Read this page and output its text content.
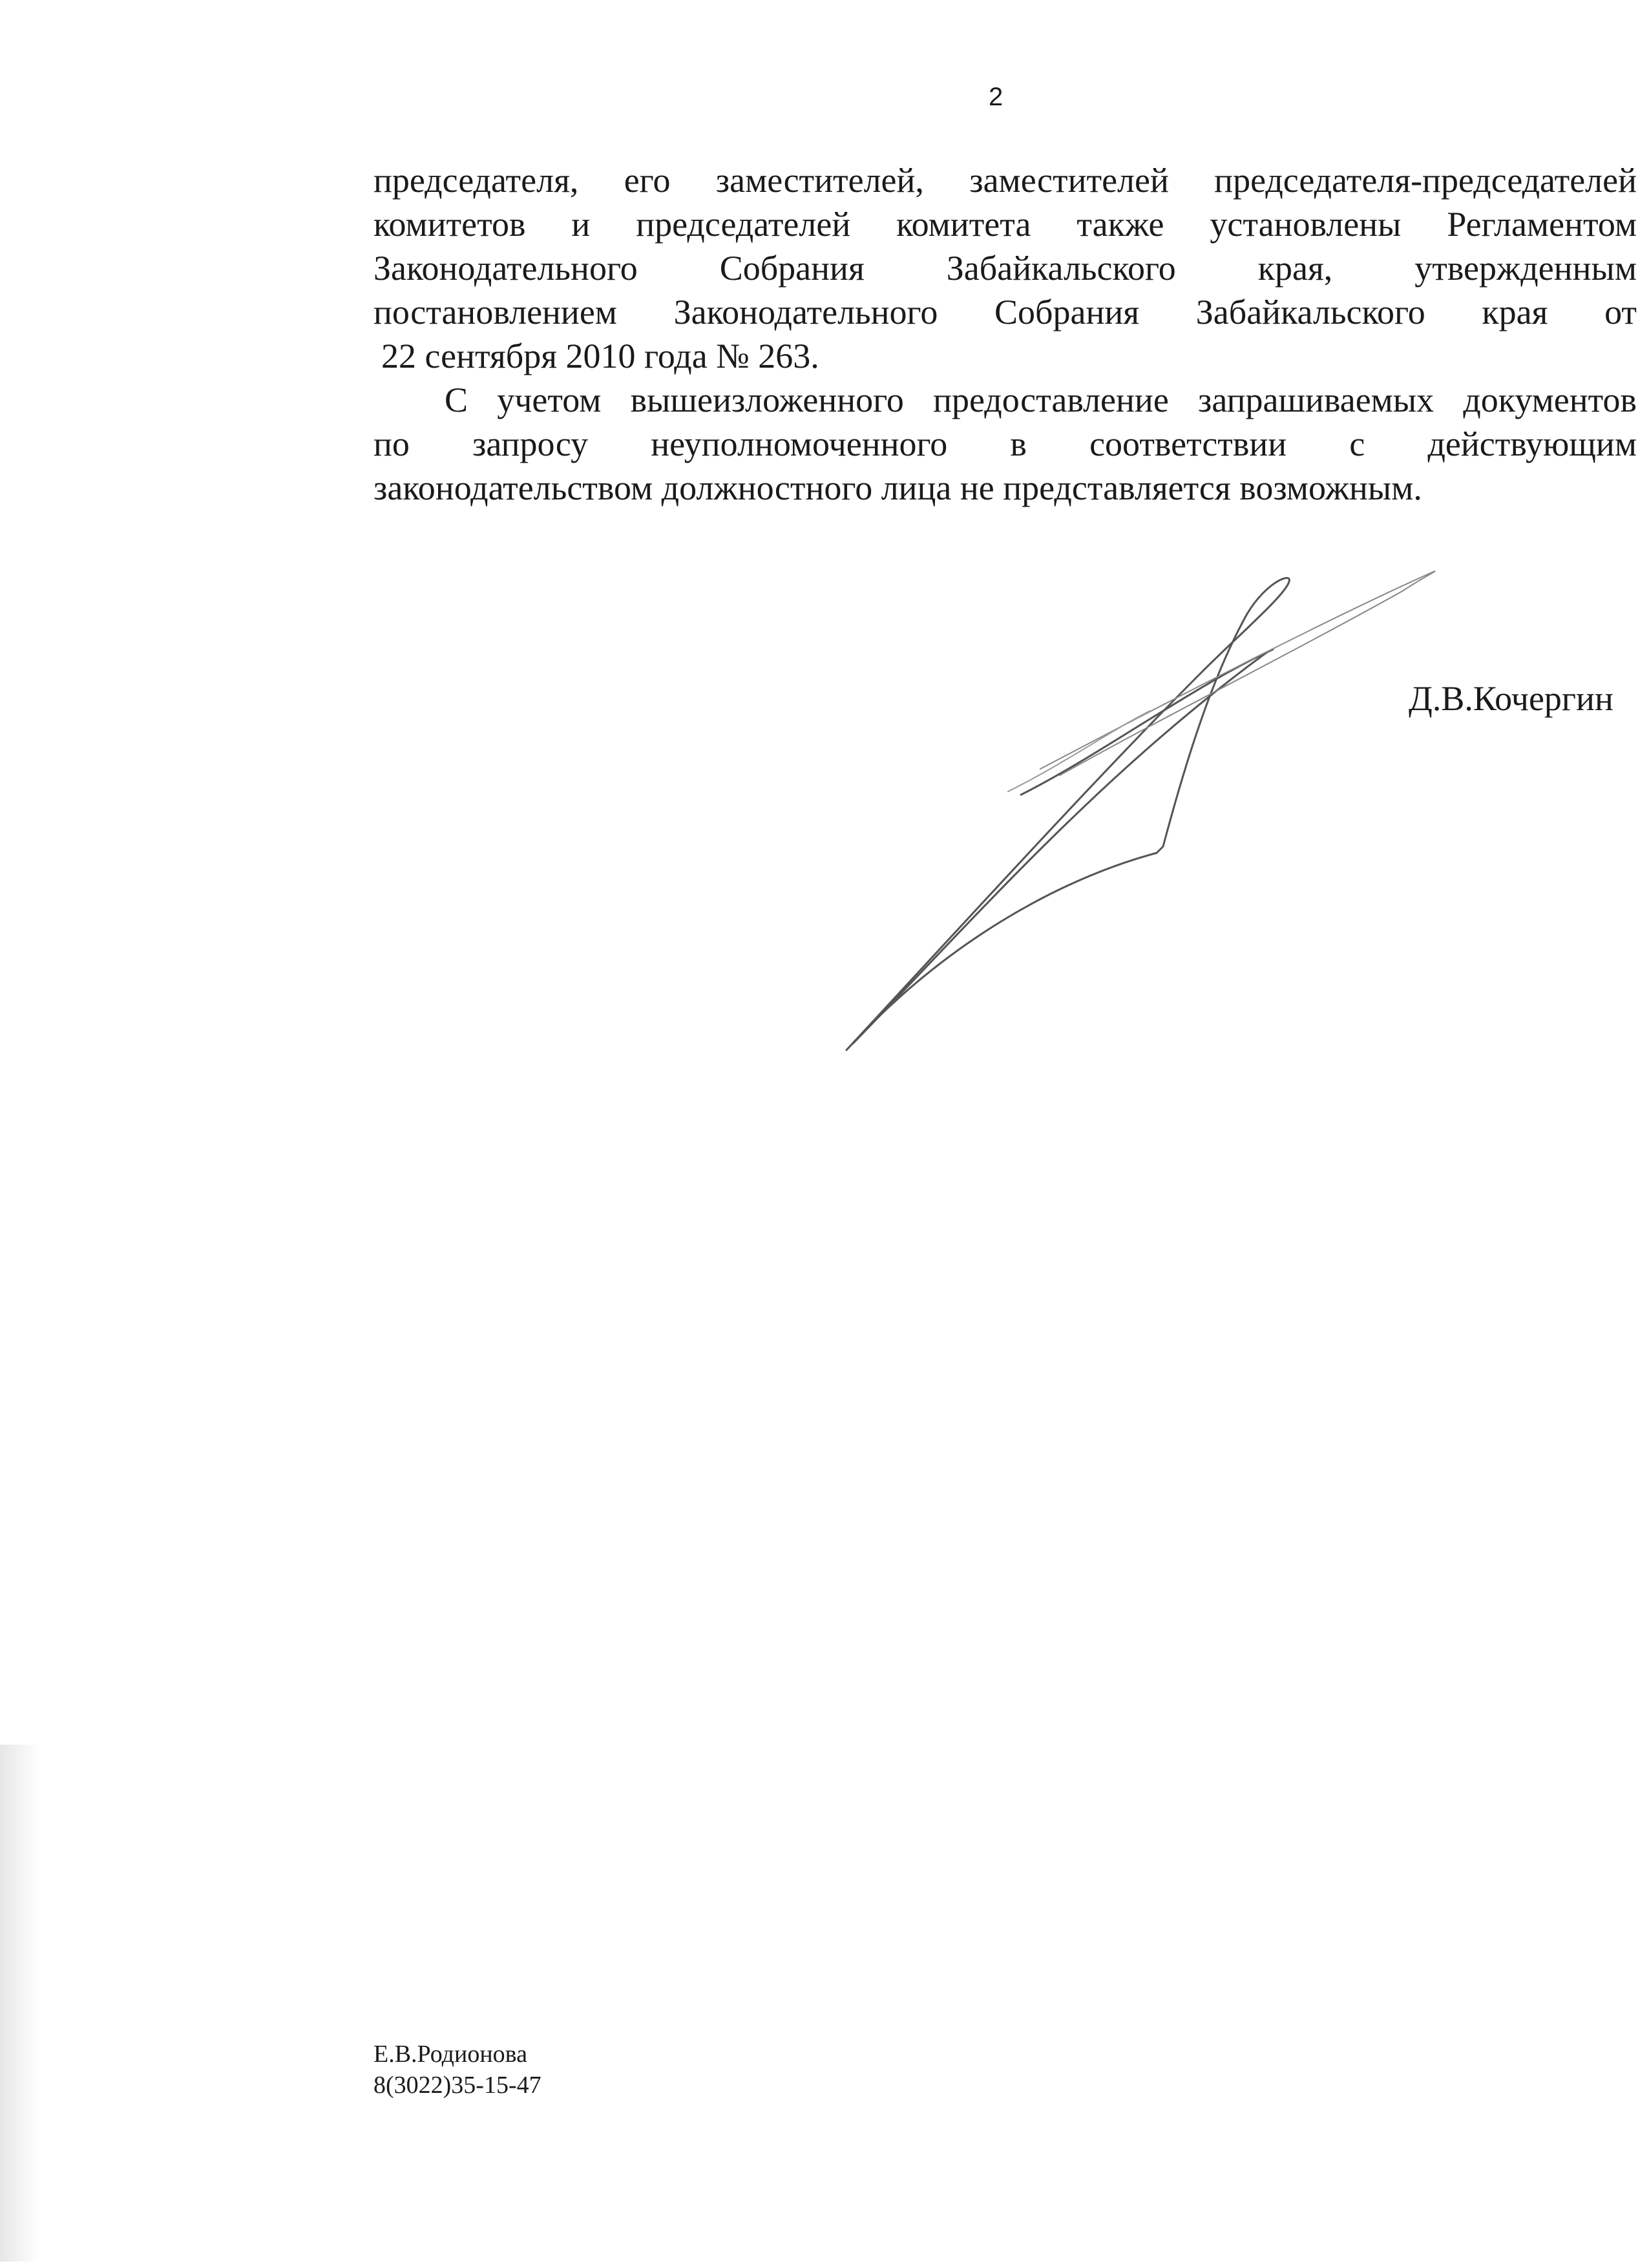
2
председателя, его заместителей, заместителей председателя-председателей
комитетов и председателей комитета также установлены Регламентом
Законодательного Собрания Забайкальского края, утвержденным
постановлением Законодательного Собрания Забайкальского края от
22 сентября 2010 года № 263.
С учетом вышеизложенного предоставление запрашиваемых документов
по запросу неуполномоченного в соответствии с действующим
законодательством должностного лица не представляется возможным.
Д.В.Кочергин
Е.В.Родионова
8(3022)35-15-47
